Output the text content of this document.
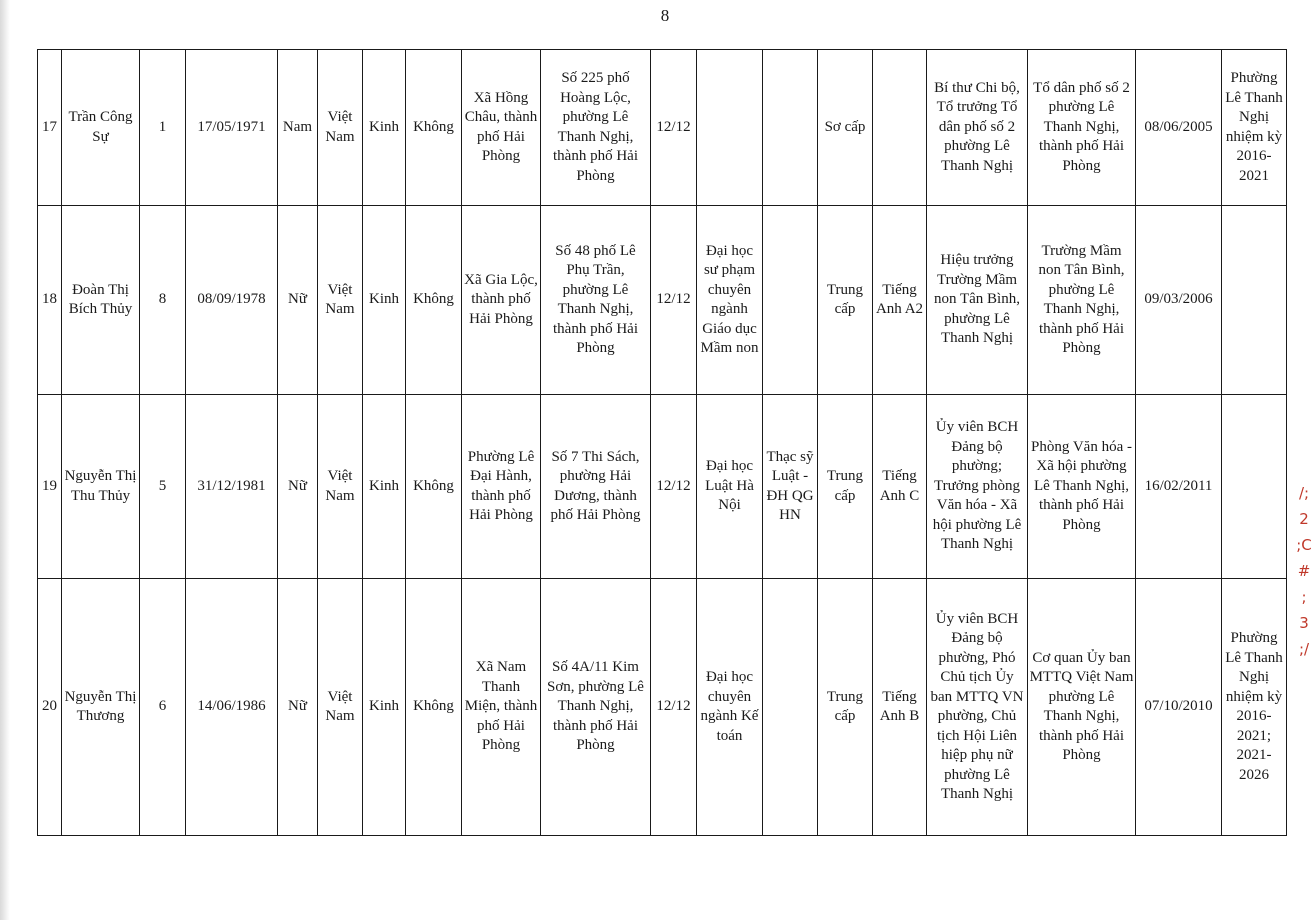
8
17	Trần Công Sự	1	17/05/1971	Nam	Việt Nam	Kinh	Không	Xã Hồng Châu, thành phố Hải Phòng	Số 225 phố Hoàng Lộc, phường Lê Thanh Nghị, thành phố Hải Phòng	12/12			Sơ cấp		Bí thư Chi bộ, Tổ trưởng Tổ dân phố số 2 phường Lê Thanh Nghị	Tổ dân phố số 2 phường Lê Thanh Nghị, thành phố Hải Phòng	08/06/2005	Phường Lê Thanh Nghị nhiệm kỳ 2016-2021
18	Đoàn Thị Bích Thủy	8	08/09/1978	Nữ	Việt Nam	Kinh	Không	Xã Gia Lộc, thành phố Hải Phòng	Số 48 phố Lê Phụ Trần, phường Lê Thanh Nghị, thành phố Hải Phòng	12/12	Đại học sư phạm chuyên ngành Giáo dục Mầm non		Trung cấp	Tiếng Anh A2	Hiệu trưởng Trường Mầm non Tân Bình, phường Lê Thanh Nghị	Trường Mầm non Tân Bình, phường Lê Thanh Nghị, thành phố Hải Phòng	09/03/2006	
19	Nguyễn Thị Thu Thủy	5	31/12/1981	Nữ	Việt Nam	Kinh	Không	Phường Lê Đại Hành, thành phố Hải Phòng	Số 7 Thi Sách, phường Hải Dương, thành phố Hải Phòng	12/12	Đại học Luật Hà Nội	Thạc sỹ Luật - ĐH QG HN	Trung cấp	Tiếng Anh C	Ủy viên BCH Đảng bộ phường; Trưởng phòng Văn hóa - Xã hội phường Lê Thanh Nghị	Phòng Văn hóa - Xã hội phường Lê Thanh Nghị, thành phố Hải Phòng	16/02/2011	
20	Nguyễn Thị Thương	6	14/06/1986	Nữ	Việt Nam	Kinh	Không	Xã Nam Thanh Miện, thành phố Hải Phòng	Số 4A/11 Kim Sơn, phường Lê Thanh Nghị, thành phố Hải Phòng	12/12	Đại học chuyên ngành Kế toán		Trung cấp	Tiếng Anh B	Ủy viên BCH Đảng bộ phường, Phó Chủ tịch Ủy ban MTTQ VN phường, Chủ tịch Hội Liên hiệp phụ nữ phường Lê Thanh Nghị	Cơ quan Ủy ban MTTQ Việt Nam phường Lê Thanh Nghị, thành phố Hải Phòng	07/10/2010	Phường Lê Thanh Nghị nhiệm kỳ 2016-2021; 2021-2026
/;
2
;C
#
;
3
;/
